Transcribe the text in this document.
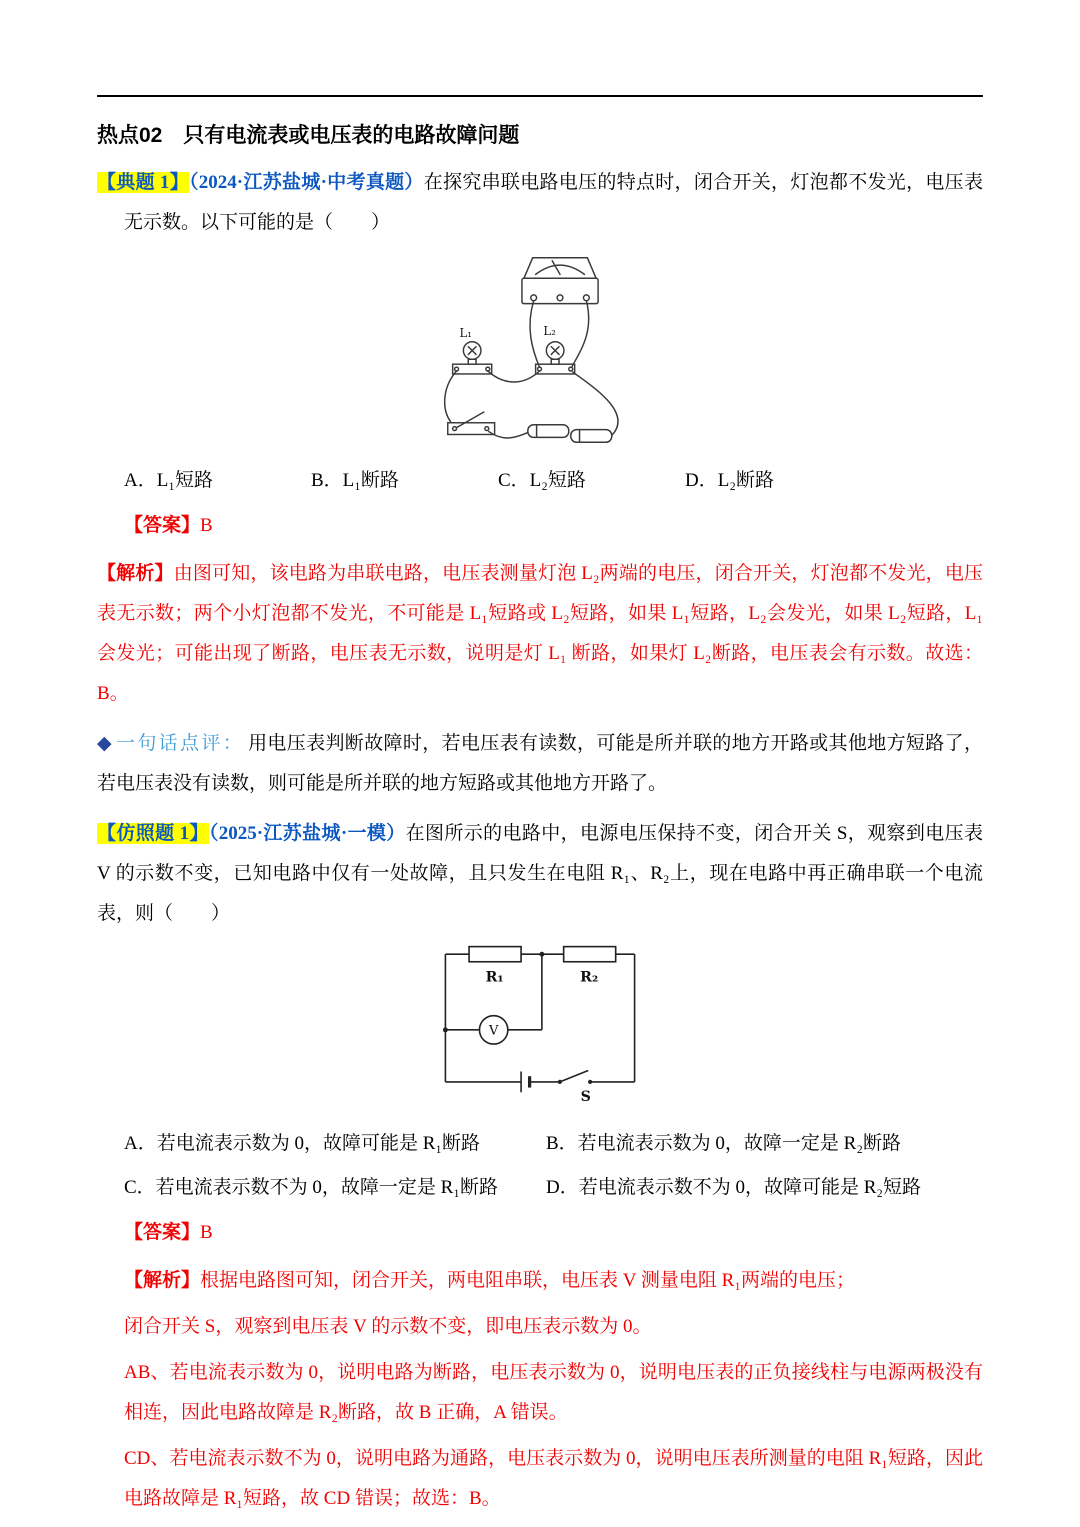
热点02　只有电流表或电压表的电路故障问题

【典题 1】（2024·江苏盐城·中考真题）在探究串联电路电压的特点时，闭合开关，灯泡都不发光，电压表无示数。以下可能的是（　　）

L₁	L₂
A．L₁短路	B．L₁断路	C．L₂短路	D．L₂断路

【答案】B

【解析】由图可知，该电路为串联电路，电压表测量灯泡 L₂两端的电压，闭合开关，灯泡都不发光，电压表无示数；两个小灯泡都不发光，不可能是 L₁短路或 L₂短路，如果 L₁短路，L₂会发光，如果 L₂短路，L₁会发光；可能出现了断路，电压表无示数，说明是灯 L₁ 断路，如果灯 L₂断路，电压表会有示数。故选：B。

◆ 一句话点评： 用电压表判断故障时，若电压表有读数，可能是所并联的地方开路或其他地方短路了，若电压表没有读数，则可能是所并联的地方短路或其他地方开路了。

【仿照题 1】（2025·江苏盐城·一模）在图所示的电路中，电源电压保持不变，闭合开关 S，观察到电压表 V 的示数不变，已知电路中仅有一处故障，且只发生在电阻 R₁、R₂上，现在电路中再正确串联一个电流表，则（　　）

R₁	R₂
V
S
A．若电流表示数为 0，故障可能是 R₁断路	B．若电流表示数为 0，故障一定是 R₂断路
C．若电流表示数不为 0，故障一定是 R₁断路	D．若电流表示数不为 0，故障可能是 R₂短路

【答案】B

【解析】根据电路图可知，闭合开关，两电阻串联，电压表 V 测量电阻 R₁两端的电压；

闭合开关 S，观察到电压表 V 的示数不变，即电压表示数为 0。

AB、若电流表示数为 0，说明电路为断路，电压表示数为 0，说明电压表的正负接线柱与电源两极没有相连，因此电路故障是 R₂断路，故 B 正确，A 错误。

CD、若电流表示数不为 0，说明电路为通路，电压表示数为 0，说明电压表所测量的电阻 R₁短路，因此电路故障是 R₁短路，故 CD 错误；故选：B。
